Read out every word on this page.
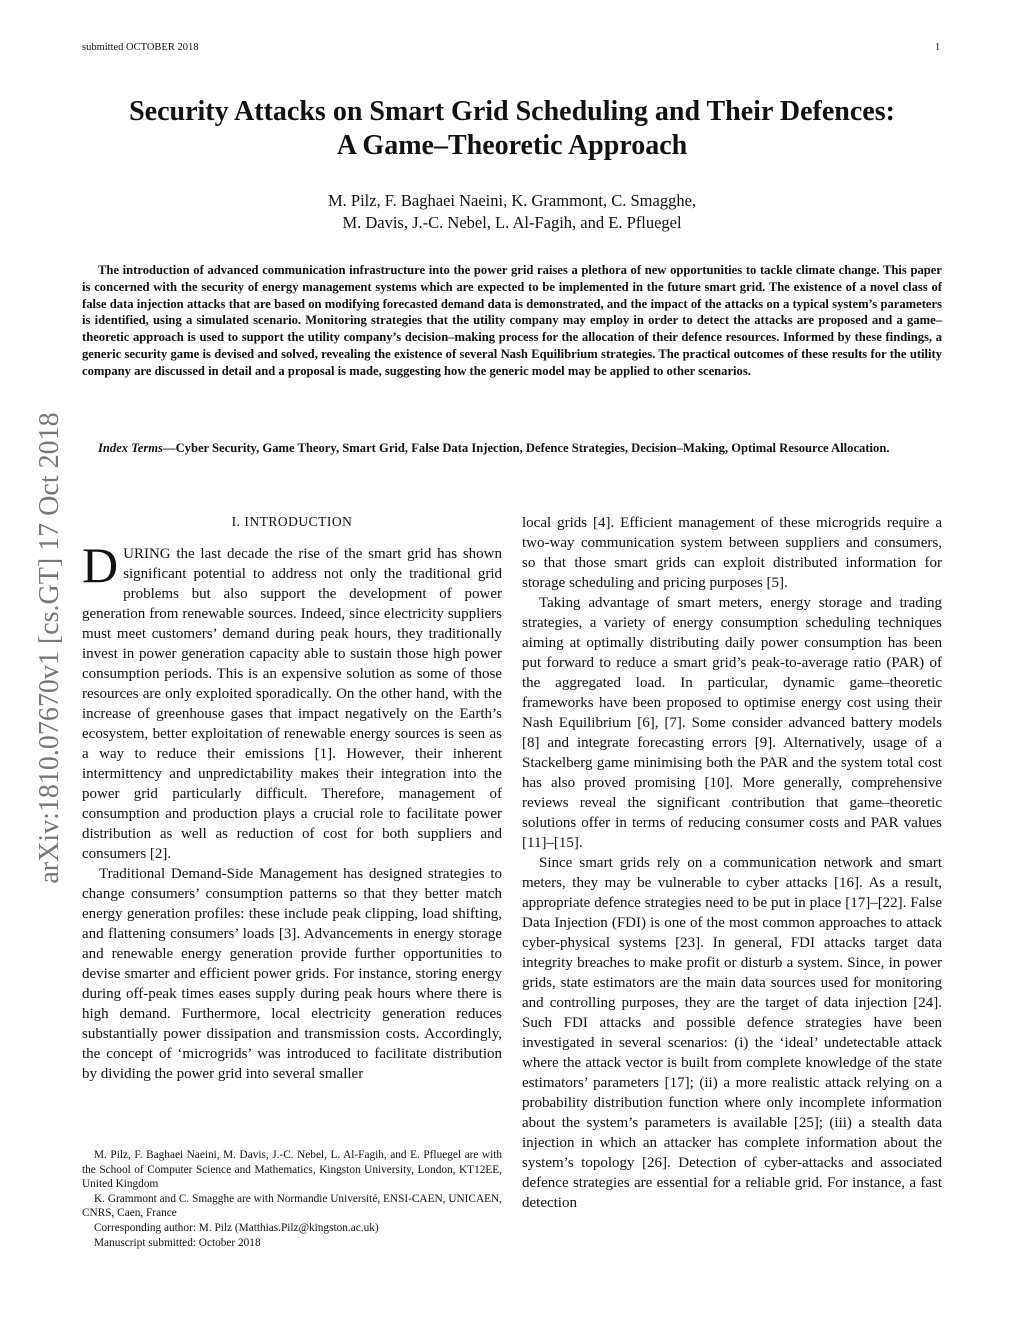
submitted OCTOBER 2018	1
arXiv:1810.07670v1 [cs.GT] 17 Oct 2018
Security Attacks on Smart Grid Scheduling and Their Defences:
A Game–Theoretic Approach
M. Pilz, F. Baghaei Naeini, K. Grammont, C. Smagghe,
M. Davis, J.-C. Nebel, L. Al-Fagih, and E. Pfluegel
The introduction of advanced communication infrastructure into the power grid raises a plethora of new opportunities to tackle climate change. This paper is concerned with the security of energy management systems which are expected to be implemented in the future smart grid. The existence of a novel class of false data injection attacks that are based on modifying forecasted demand data is demonstrated, and the impact of the attacks on a typical system’s parameters is identified, using a simulated scenario. Monitoring strategies that the utility company may employ in order to detect the attacks are proposed and a game–theoretic approach is used to support the utility company’s decision–making process for the allocation of their defence resources. Informed by these findings, a generic security game is devised and solved, revealing the existence of several Nash Equilibrium strategies. The practical outcomes of these results for the utility company are discussed in detail and a proposal is made, suggesting how the generic model may be applied to other scenarios.
Index Terms—Cyber Security, Game Theory, Smart Grid, False Data Injection, Defence Strategies, Decision–Making, Optimal Resource Allocation.
I. INTRODUCTION

DURING the last decade the rise of the smart grid has shown significant potential to address not only the traditional grid problems but also support the development of power generation from renewable sources. Indeed, since electricity suppliers must meet customers’ demand during peak hours, they traditionally invest in power generation capacity able to sustain those high power consumption periods. This is an expensive solution as some of those resources are only exploited sporadically. On the other hand, with the increase of greenhouse gases that impact negatively on the Earth’s ecosystem, better exploitation of renewable energy sources is seen as a way to reduce their emissions [1]. However, their inherent intermittency and unpredictability makes their integration into the power grid particularly difficult. Therefore, management of consumption and production plays a crucial role to facilitate power distribution as well as reduction of cost for both suppliers and consumers [2].

Traditional Demand-Side Management has designed strategies to change consumers’ consumption patterns so that they better match energy generation profiles: these include peak clipping, load shifting, and flattening consumers’ loads [3]. Advancements in energy storage and renewable energy generation provide further opportunities to devise smarter and efficient power grids. For instance, storing energy during off-peak times eases supply during peak hours where there is high demand. Furthermore, local electricity generation reduces substantially power dissipation and transmission costs. Accordingly, the concept of ‘microgrids’ was introduced to facilitate distribution by dividing the power grid into several smaller

local grids [4]. Efficient management of these microgrids require a two-way communication system between suppliers and consumers, so that those smart grids can exploit distributed information for storage scheduling and pricing purposes [5].

Taking advantage of smart meters, energy storage and trading strategies, a variety of energy consumption scheduling techniques aiming at optimally distributing daily power consumption has been put forward to reduce a smart grid’s peak-to-average ratio (PAR) of the aggregated load. In particular, dynamic game–theoretic frameworks have been proposed to optimise energy cost using their Nash Equilibrium [6], [7]. Some consider advanced battery models [8] and integrate forecasting errors [9]. Alternatively, usage of a Stackelberg game minimising both the PAR and the system total cost has also proved promising [10]. More generally, comprehensive reviews reveal the significant contribution that game–theoretic solutions offer in terms of reducing consumer costs and PAR values [11]–[15].

Since smart grids rely on a communication network and smart meters, they may be vulnerable to cyber attacks [16]. As a result, appropriate defence strategies need to be put in place [17]–[22]. False Data Injection (FDI) is one of the most common approaches to attack cyber-physical systems [23]. In general, FDI attacks target data integrity breaches to make profit or disturb a system. Since, in power grids, state estimators are the main data sources used for monitoring and controlling purposes, they are the target of data injection [24]. Such FDI attacks and possible defence strategies have been investigated in several scenarios: (i) the ‘ideal’ undetectable attack where the attack vector is built from complete knowledge of the state estimators’ parameters [17]; (ii) a more realistic attack relying on a probability distribution function where only incomplete information about the system’s parameters is available [25]; (iii) a stealth data injection in which an attacker has complete information about the system’s topology [26]. Detection of cyber-attacks and associated defence strategies are essential for a reliable grid. For instance, a fast detection

M. Pilz, F. Baghaei Naeini, M. Davis, J.-C. Nebel, L. Al-Fagih, and E. Pfluegel are with the School of Computer Science and Mathematics, Kingston University, London, KT12EE, United Kingdom

K. Grammont and C. Smagghe are with Normandie Université, ENSI-CAEN, UNICAEN, CNRS, Caen, France

Corresponding author: M. Pilz (Matthias.Pilz@kingston.ac.uk)

Manuscript submitted: October 2018
